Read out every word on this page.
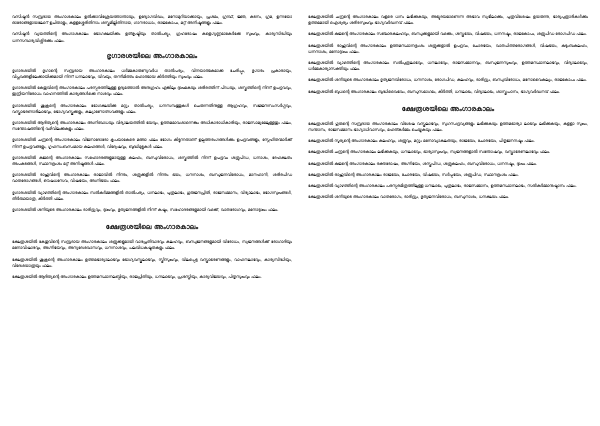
വസിഷ്ഠൻ സമ്പ്രദായ അംഗാശകാലം ഉൽക്കാവിശ്രേയത്താന്തായും, ഉദ്യോഗവിദ്ധം, മനോമുറിയാക്കായും, പ്രശമം, ഗ്രന്ഥ്, ജ്ഞ, കടനം, ഗ്രമ, ഉന്നയോ ഓരോങ്ങളായലോറ് ഉചിതാളും, കുളളശ്ശേരിതിനാം ശസ്ത്രമില്ലിതിനായ, ഗാനരാധാം, രാജകോപം, മറ്റ് അനിഷ്ടങ്ങളും ഫലം.

വസിഷ്ഠൻ വ്യയത്തിന്റെ അംഗാശകാലം ഭോഗക്ഷയിക്കും ഉത്കൃഷ്ടിയും താൽപര്യും, ഗ്രഹദോഷം കളെഗ്യണ്ണമാകേർക്കേ സുഖവും, കാര്യസിദ്ധിയും ധനസമ്പാദ്യവിശ്ശിരക്കും ഫലം.

ഭൃഗാരശയിലെ അംഗാരകാലം

ഭൃഗാരശയിൽ ഭൃഗാന്റെ സമ്പ്രദായ അംഗാരകാലം ധർമ്മകാരുണ്യവർധ താൽപര്യം, വിനയാത്മകമാക്ക ചേരിപ്പും, ഭൃഗാരം പ്രകാരായും, വിപ്ലവങ്ങളിലേക്കായിക്കുമായി നിന്ന് ധനലാഭവും, വിവയും, തന്നീമിത്തം മഹാത്മായ കീർത്തിയും സുഖവും ഫലം.

ഭൃഗാരശയിൽ കേതുവിന്റെ അംഗാരകാലം പരസ്പരത്തിലുള്ള ഉദ്യമത്താൽ അനുഗ്രഹം എങ്കിലും ദുഃഖമകയും ശരീരത്തിന് പീഡയും, ശസ്ത്രത്തിന്റെ നിന്ന് ഉപദ്രവവും, ഇന്ദ്രിയനിരോധം വാഹനത്തിൽ കാര്യങ്ങൾക്കെ നാശവും ഫലം.

ഭൃഗാരശയിൽ ശുക്രന്റെ അംഗാരകാലം ഭോഗക്ഷയിക്കു മറ്റും താൽപര്യും, ധനസമ്പത്തുകൾ ചെരുന്നതിനുള്ള ആഗ്രഹവും, സജ്ജനസംസർഗ്ഗവും, വസ്ത്രാഭരണാദിലാഭവും, ഭോഗ്യവസ്തുക്കളും, കല്യാണോത്സവങ്ങളും ഫലം.

ഭൃഗാരശയിൽ ആദിത്യന്റെ അംഗാരകാലം അഗ്നിബാധയും വിദ്യാലയത്തിൽ ഭയവും, ഉത്തമമാവശാന്നെങ്കും അധികാരാധികാരിയും, രാജസാമ്യമേലുള്ളതും ഫലം, സന്തോഷത്തിന്റെ വഴിവിലക്കുകളും ഫലം.

ഭൃഗാരശയിൽ ചന്ദ്രന്റെ അംഗാരകാലം വിജനാദോദോ കൃപയാകേരെ മങ്ങാ ഫലം ഭോഗം കിട്ടുന്നതാണ് ഉല്പത്തരംഗങ്ങൾക്കും ഉപദ്രവങ്ങളും, സ്നേഹിതന്മാർക്ക് നിന്ന് ഉപദ്രവങ്ങളും, ഗൃഹസംബന്ധമായ കലഹങ്ങൾ, വിദ്വേഷവും, ബുദ്ധിമുട്ടുകൾ ഫലം.

ഭൃഗാരശയിൽ കുജന്റെ അംഗാരകാലം സഹോദരങ്ങളുമായുള്ള കലഹം, ബന്ധുവിരോധം, ശസ്ത്രത്തിൽ നിന്ന് ഉപദ്രവം ശത്രുപീഡ, ധനാശം, ദേഹക്ഷതം അപകടങ്ങൾ, സ്ഥാനഭ്രംശം മറ്റ് അനിഷ്ടങ്ങൾ ഫലം.

ഭൃഗാരശയിൽ രാഹുവിന്റെ അംഗാരകാലം രാജാവിൽ നിന്നും, ശത്രുക്കളിൽ നിന്നും ഭയം, ധനനാശം, ബന്ധുജനവിരോധം, മാനഹാനി, ശരീരപീഡ വാതരോഗങ്ങൾ, ഔഷധസേവ, വിഷഭയം, അഗ്നിഭയം ഫലം.

ഭൃഗാരശയിൽ വ്യാഴത്തിന്റെ അംഗാരകാലം സൽകർമ്മങ്ങളിൽ താൽപര്യം, ധനലാഭം, പുത്രലാഭം, ഗുരുജനപ്രീതി, രാജസമ്മാനം, വിദ്യാലാഭം, ഭോഗസുഖങ്ങൾ, തീർത്ഥയാത്ര, കീർത്തി ഫലം.

ഭൃഗാരശയിൽ ശനിയുടെ അംഗാരകാലം ദാരിദ്ര്യവും, ദുഃഖവും, ഭൃത്യജനങ്ങളിൽ നിന്ന് കഷ്ടം, സഹോദരങ്ങളുമായി വഴക്ക്, വാതരോഗവും, മനോദുഃഖം ഫലം.

ക്ഷേത്രശയിലെ അംഗാരകാലം

ക്ഷേത്രശയിൽ കേതുവിന്റെ സമ്പ്രദായ അംഗാരകാലം ശത്രുക്കളുമായി വാദപ്രതിവാദവും കലഹവും, ബന്ധുജനങ്ങളുമായി വിരോധം, സ്വജനങ്ങൾക്ക് രോഗാദിയും മനോവിഷാദവും, അഗ്നിഭയവും, അന്യദേശവാസവും, ധനനാശവും, പലവിധകഷ്ടതകളും ഫലം.

ക്ഷേത്രശയിൽ ശുക്രന്റെ അംഗാരകാലം ഉത്തമഭാര്യാലാഭവും ഭോഗ്യവസ്തുലാഭവും, സ്ത്രീസുഖവും, വിലപ്പെട്ട വസ്ത്രാഭരണങ്ങളും, വാഹനലാഭവും, കാര്യസിദ്ധിയും, വിദേശയാത്രയും ഫലം.

ക്ഷേത്രശയിൽ ആദിത്യന്റെ അംഗാരകാലം ഉത്തമസ്ഥാനലബ്ധിയും, രാജപ്രീതിയും, ധനലാഭവും, പ്രശസ്തിയും, കാര്യവിജയവും, പിതൃസുഖവും ഫലം.

ക്ഷേത്രശയിൽ ചന്ദ്രന്റെ അംഗാരകാലം വളരെ ധനം ലഭിക്കുകയും, അഭ്യുദയമാണെന്ന അഭാവ സ്വഭിലാക്കും, പുത്രവിശേഷം ഉയരുന്നു, ഭാര്യപുത്രാദികൾക്കും ഉത്തമമായി ഐശ്വര്യം ശരീരസുഖവും ഭാഗ്യവർദ്ധനവ് ഫലം.

ക്ഷേത്രശയിൽ കുജന്റെ അംഗാരകാലം സഞ്ചാരകലഹവും, ബന്ധുക്കളുമായി വഴക്കും, ശസ്ത്രഭയം, വിഷഭയം, ധനനഷ്ടം, രാജകോപം, ശത്രുപീഡ രോഗപീഡ ഫലം.

ക്ഷേത്രശയിൽ രാഹുവിന്റെ അംഗാരകാലം ഉത്തമസ്ഥാനഭ്രംശം ശത്രുക്കളാൽ ഉപദ്രവം, ചോരഭയം, വാതപിത്തരോഗങ്ങൾ, വിഷഭയം, കുടുംബകലഹം, ധനനാശം, മനോദുഃഖം ഫലം.

ക്ഷേത്രശയിൽ വ്യാഴത്തിന്റെ അംഗാരകാലം സൽപുത്രലാഭവും, ധനലാഭവും, രാജസമ്മാനവും, ബന്ധുജനസുഖവും, ഉത്തമസ്ഥാനലാഭവും, വിദ്യാലാഭവും, ധർമ്മകാര്യാസക്തിയും ഫലം.

ക്ഷേത്രശയിൽ ശനിയുടെ അംഗാരകാലം ഭൃത്യജനവിരോധം, ധനനാശം, രോഗപീഡ, കലഹവും, ദാരിദ്ര്യം, ബന്ധുവിരോധം, മനോവൈകല്യം, രാജകോപം ഫലം.

ക്ഷേത്രശയിൽ ബുധന്റെ അംഗാരകാലം ബുദ്ധിവൈഭവം, ബന്ധുസമാഗമം, കീർത്തി, ധനലാഭം, വിദ്യാലാഭം, ശാസ്ത്രപഠനം, ഭാഗ്യവർദ്ധനവ് ഫലം.

ക്ഷേത്രശയിലെ അംഗാരകാലം

ക്ഷേത്രശയിൽ ഗുരുന്റെ സമ്പ്രദായ അംഗാരകാലം വിശേഷ വസ്ത്രലാഭവും, സുഗന്ധദ്രവ്യങ്ങളും ലഭിക്കുകയും ഉത്തമഭാര്യാ ലാഭവും ലഭിക്കുകയും, കളളാ സുഖം, സന്താനം, രാജസമ്മാനം ഭാഗ്യാധിവാസവും, മഹത്കർമ്മം ചെയ്യുകയും ഫലം.

ക്ഷേത്രശയിൽ സൂര്യന്റെ അംഗാരകാലം കലഹവും, ശത്രുവും, മറ്റും മനോവ്യാകുലതയും, രാജഭയം, ചോരഭയം, പിതൃജനനഷ്ടം ഫലം.

ക്ഷേത്രശയിൽ ചന്ദ്രന്റെ അംഗാരകാലം ലഭിക്കുകയും, ധനലാഭവും, ഭാര്യാസുഖവും, സ്വജനങ്ങളാൽ സന്തോഷവും, വസ്ത്രാഭരണലാഭവും ഫലം.

ക്ഷേത്രശയിൽ കുജന്റെ അംഗാരകാലം രക്തദോഷം, അഗ്നിഭയം, ശസ്ത്രപീഡ, ശത്രുകലഹം, ബന്ധുവിരോധം, ധനനഷ്ടം, ദുഃഖം ഫലം.

ക്ഷേത്രശയിൽ രാഹുവിന്റെ അംഗാരകാലം രാജഭയം, ചോരഭയം, വിഷഭയം, സർപ്പഭയം, ശത്രുപീഡ, സ്ഥാനഭ്രംശം ഫലം.

ക്ഷേത്രശയിൽ വ്യാഴത്തിന്റെ അംഗാരകാലം പരസ്പരമിത്രത്തിലുള്ള ധനലാഭം, പുത്രലാഭം, രാജസമ്മാനം, ഉത്തമസ്ഥാനലാഭം, സൽകർമ്മാനുഷ്ഠാനം ഫലം.

ക്ഷേത്രശയിൽ ശനിയുടെ അംഗാരകാലം വാതരോഗം, ദാരിദ്ര്യം, ഭൃത്യജനവിരോധം, ബന്ധുനാശം, ധനക്ഷയം ഫലം.
